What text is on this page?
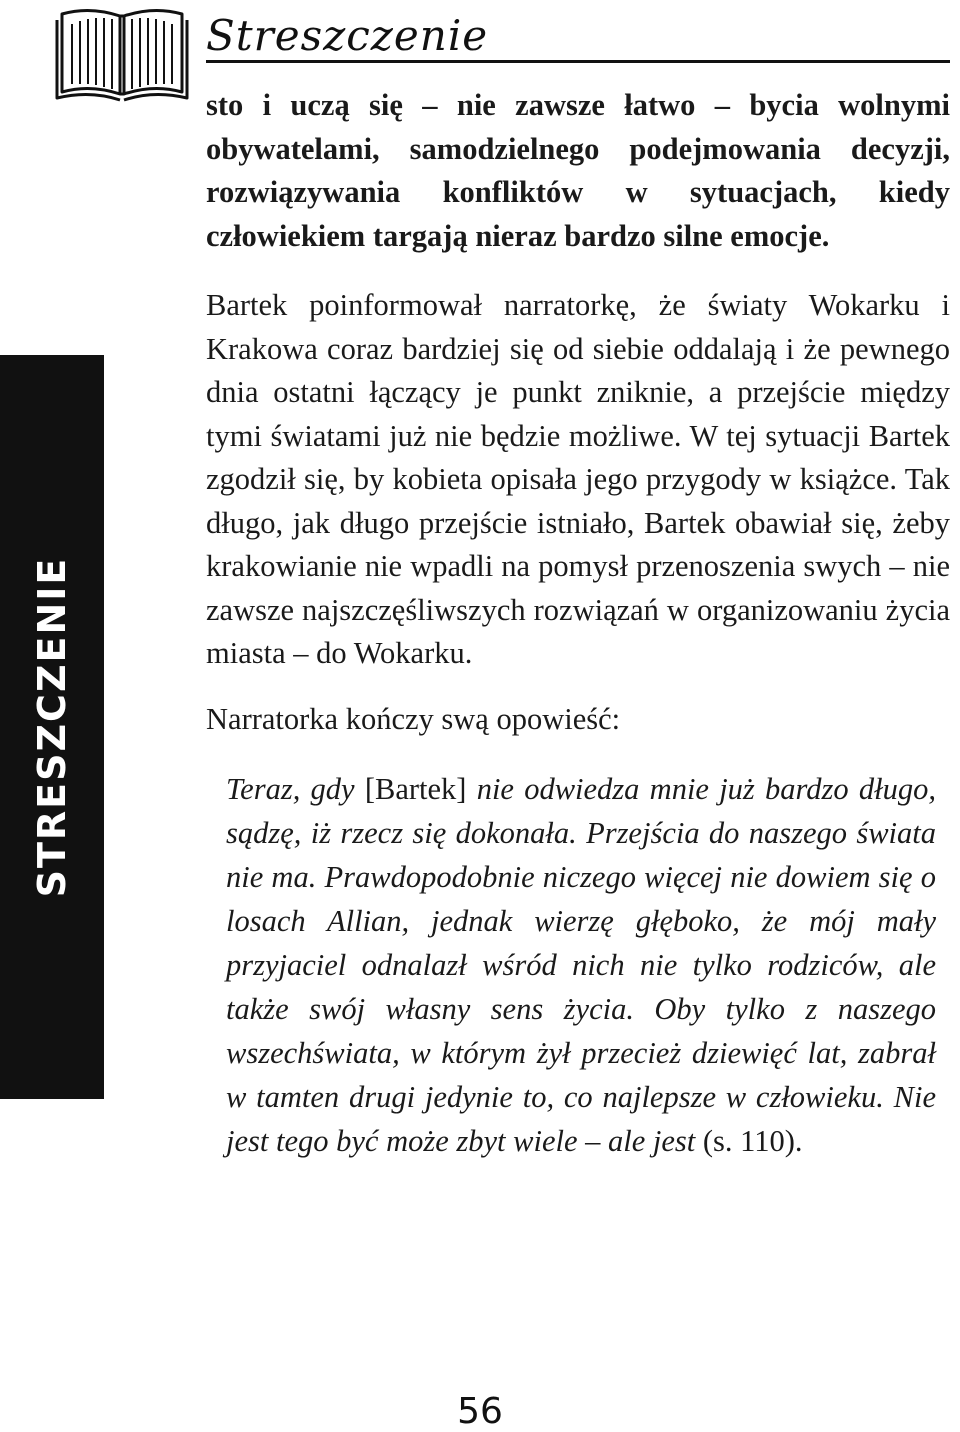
Streszczenie
STRESZCZENIE

sto i uczą się – nie zawsze łatwo – bycia wolnymi obywatelami, samodzielnego podejmowania decyzji, rozwiązywania konfliktów w sytuacjach, kiedy człowiekiem targają nieraz bardzo silne emocje.

Bartek poinformował narratorkę, że światy Wokarku i Krakowa coraz bardziej się od siebie oddalają i że pewnego dnia ostatni łączący je punkt zniknie, a przejście między tymi światami już nie będzie możliwe. W tej sytuacji Bartek zgodził się, by kobieta opisała jego przygody w książce. Tak długo, jak długo przejście istniało, Bartek obawiał się, żeby krakowianie nie wpadli na pomysł przenoszenia swych – nie zawsze najszczęśliwszych rozwiązań w organizowaniu życia miasta – do Wokarku.

Narratorka kończy swą opowieść:

Teraz, gdy [Bartek] nie odwiedza mnie już bardzo długo, sądzę, iż rzecz się dokonała. Przejścia do naszego świata nie ma. Prawdopodobnie niczego więcej nie dowiem się o losach Allian, jednak wierzę głęboko, że mój mały przyjaciel odnalazł wśród nich nie tylko rodziców, ale także swój własny sens życia. Oby tylko z naszego wszechświata, w którym żył przecież dziewięć lat, zabrał w tamten drugi jedynie to, co najlepsze w człowieku. Nie jest tego być może zbyt wiele – ale jest (s. 110).

56
